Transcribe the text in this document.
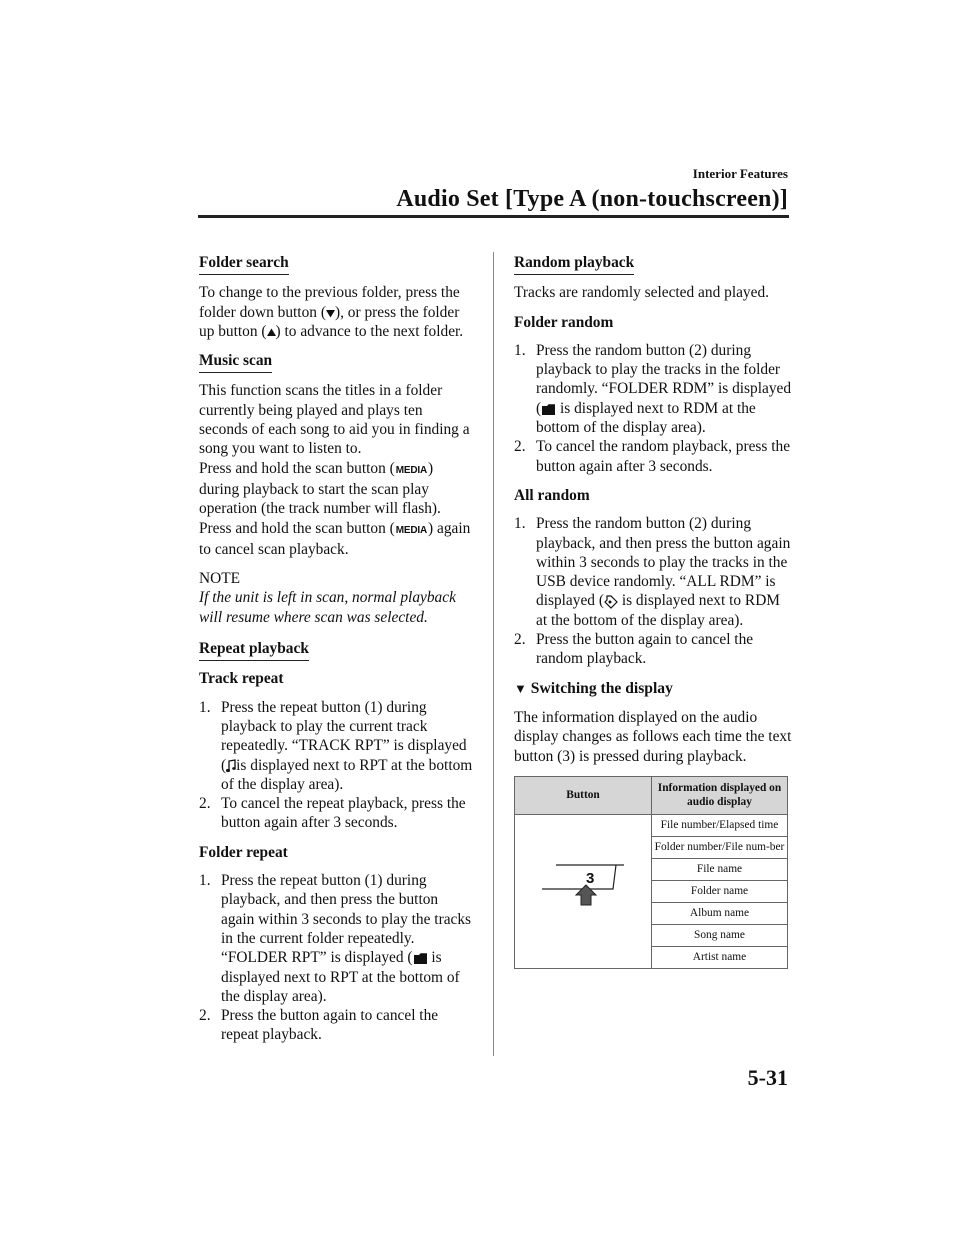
Interior Features
Audio Set [Type A (non-touchscreen)]
Folder search

To change to the previous folder, press the folder down button ( ), or press the folder up button ( ) to advance to the next folder.

Music scan

This function scans the titles in a folder currently being played and plays ten seconds of each song to aid you in finding a song you want to listen to.

Press and hold the scan button (MEDIA) during playback to start the scan play operation (the track number will flash).

Press and hold the scan button (MEDIA) again to cancel scan playback.

NOTE

If the unit is left in scan, normal playback will resume where scan was selected.

Repeat playback

Track repeat

1. Press the repeat button (1) during playback to play the current track repeatedly. “TRACK RPT” is displayed ( is displayed next to RPT at the bottom of the display area).
2. To cancel the repeat playback, press the button again after 3 seconds.

Folder repeat

1. Press the repeat button (1) during playback, and then press the button again within 3 seconds to play the tracks in the current folder repeatedly. “FOLDER RPT” is displayed ( is displayed next to RPT at the bottom of the display area).
2. Press the button again to cancel the repeat playback.
Random playback

Tracks are randomly selected and played.

Folder random

1. Press the random button (2) during playback to play the tracks in the folder randomly. “FOLDER RDM” is displayed ( is displayed next to RDM at the bottom of the display area).
2. To cancel the random playback, press the button again after 3 seconds.

All random

1. Press the random button (2) during playback, and then press the button again within 3 seconds to play the tracks in the USB device randomly. “ALL RDM” is displayed ( is displayed next to RDM at the bottom of the display area).
2. Press the button again to cancel the random playback.
▼ Switching the display

The information displayed on the audio display changes as follows each time the text button (3) is pressed during playback.

Button	Information displayed on audio display

3	File number/Elapsed time
	Folder number/File num-ber
	File name
	Folder name
	Album name
	Song name
	Artist name
5-31
